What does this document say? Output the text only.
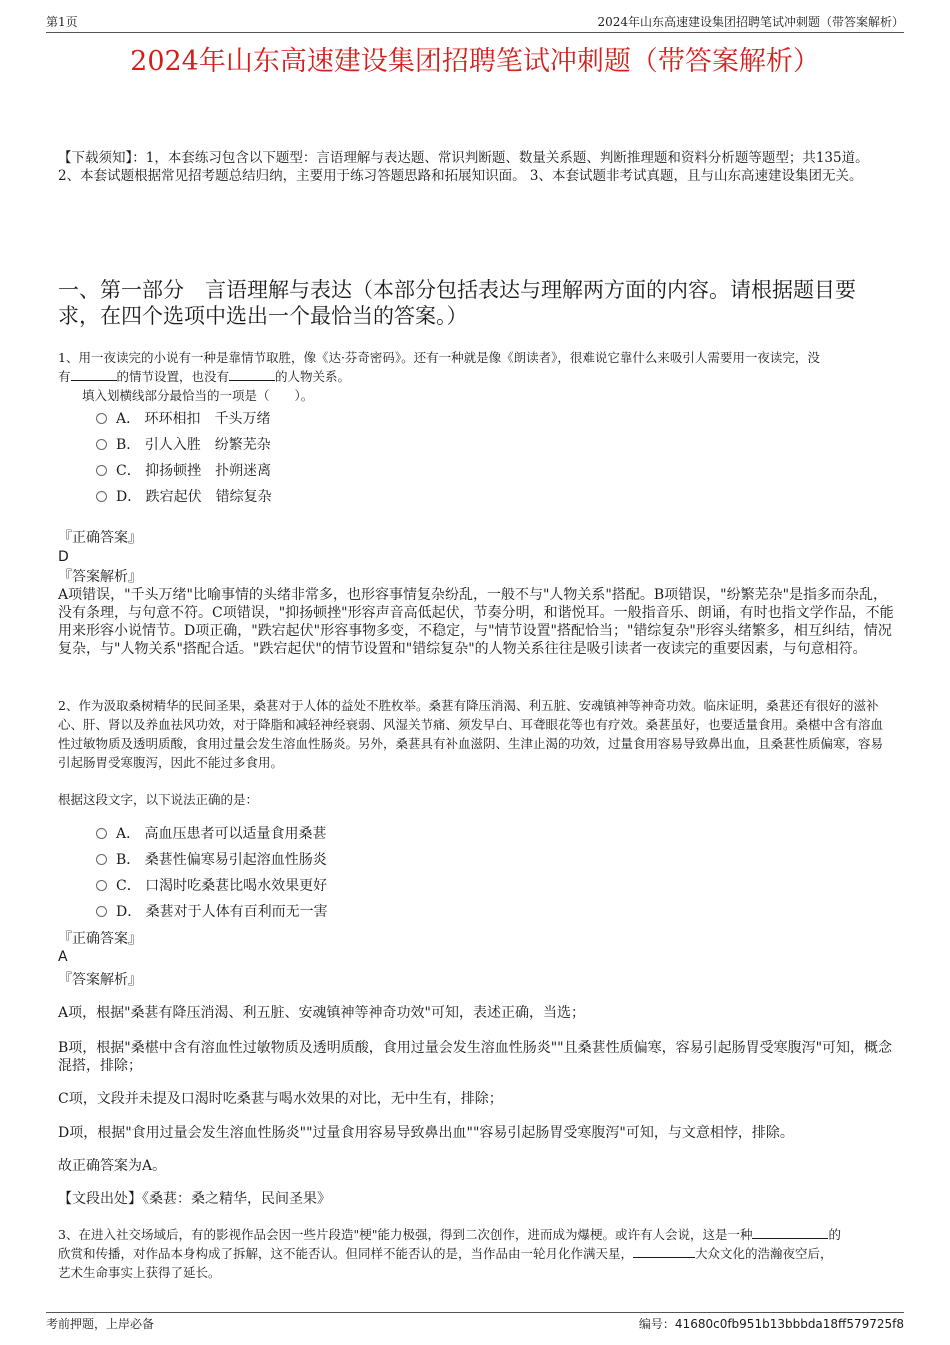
第1页	2024年山东高速建设集团招聘笔试冲刺题（带答案解析）
2024年山东高速建设集团招聘笔试冲刺题（带答案解析）
【下载须知】：1，本套练习包含以下题型：言语理解与表达题、常识判断题、数量关系题、判断推理题和资料分析题等题型；共135道。 2、本套试题根据常见招考题总结归纳，主要用于练习答题思路和拓展知识面。 3、本套试题非考试真题，且与山东高速建设集团无关。
一、第一部分　言语理解与表达（本部分包括表达与理解两方面的内容。请根据题目要求，在四个选项中选出一个最恰当的答案。）
1、用一夜读完的小说有一种是靠情节取胜，像《达·芬奇密码》。还有一种就是像《朗读者》，很难说它靠什么来吸引人需要用一夜读完，没
有	的情节设置，也没有	的人物关系。
填入划横线部分最恰当的一项是（　　）。
A． 环环相扣　千头万绪
B． 引人入胜　纷繁芜杂
C． 抑扬顿挫　扑朔迷离
D． 跌宕起伏　错综复杂
『正确答案』
D
『答案解析』
A项错误，"千头万绪"比喻事情的头绪非常多，也形容事情复杂纷乱，一般不与"人物关系"搭配。B项错误，"纷繁芜杂"是指多而杂乱，没有条理，与句意不符。C项错误，"抑扬顿挫"形容声音高低起伏，节奏分明，和谐悦耳。一般指音乐、朗诵，有时也指文学作品，不能用来形容小说情节。D项正确，"跌宕起伏"形容事物多变，不稳定，与"情节设置"搭配恰当；"错综复杂"形容头绪繁多，相互纠结，情况复杂，与"人物关系"搭配合适。"跌宕起伏"的情节设置和"错综复杂"的人物关系往往是吸引读者一夜读完的重要因素，与句意相符。
2、作为汲取桑树精华的民间圣果，桑葚对于人体的益处不胜枚举。桑葚有降压消渴、利五脏、安魂镇神等神奇功效。临床证明，桑葚还有很好的滋补心、肝、肾以及养血祛风功效，对于降脂和减轻神经衰弱、风湿关节痛、须发早白、耳聋眼花等也有疗效。桑葚虽好，也要适量食用。桑椹中含有溶血性过敏物质及透明质酸，食用过量会发生溶血性肠炎。另外，桑葚具有补血滋阴、生津止渴的功效，过量食用容易导致鼻出血，且桑葚性质偏寒，容易引起肠胃受寒腹泻，因此不能过多食用。
根据这段文字，以下说法正确的是：
A． 高血压患者可以适量食用桑葚
B． 桑葚性偏寒易引起溶血性肠炎
C． 口渴时吃桑葚比喝水效果更好
D． 桑葚对于人体有百利而无一害
『正确答案』
A
『答案解析』
A项，根据"桑葚有降压消渴、利五脏、安魂镇神等神奇功效"可知，表述正确，当选；
B项，根据"桑椹中含有溶血性过敏物质及透明质酸，食用过量会发生溶血性肠炎""且桑葚性质偏寒，容易引起肠胃受寒腹泻"可知，概念混搭，排除；
C项，文段并未提及口渴时吃桑葚与喝水效果的对比，无中生有，排除；
D项，根据"食用过量会发生溶血性肠炎""过量食用容易导致鼻出血""容易引起肠胃受寒腹泻"可知，与文意相悖，排除。
故正确答案为A。
【文段出处】《桑葚：桑之精华，民间圣果》
3、在进入社交场域后，有的影视作品会因一些片段造"梗"能力极强，得到二次创作，进而成为爆梗。或许有人会说，这是一种	的
欣赏和传播，对作品本身构成了拆解，这不能否认。但同样不能否认的是，当作品由一轮月化作满天星，	大众文化的浩瀚夜空后，
艺术生命事实上获得了延长。
考前押题，上岸必备	编号：41680c0fb951b13bbbda18ff579725f8
